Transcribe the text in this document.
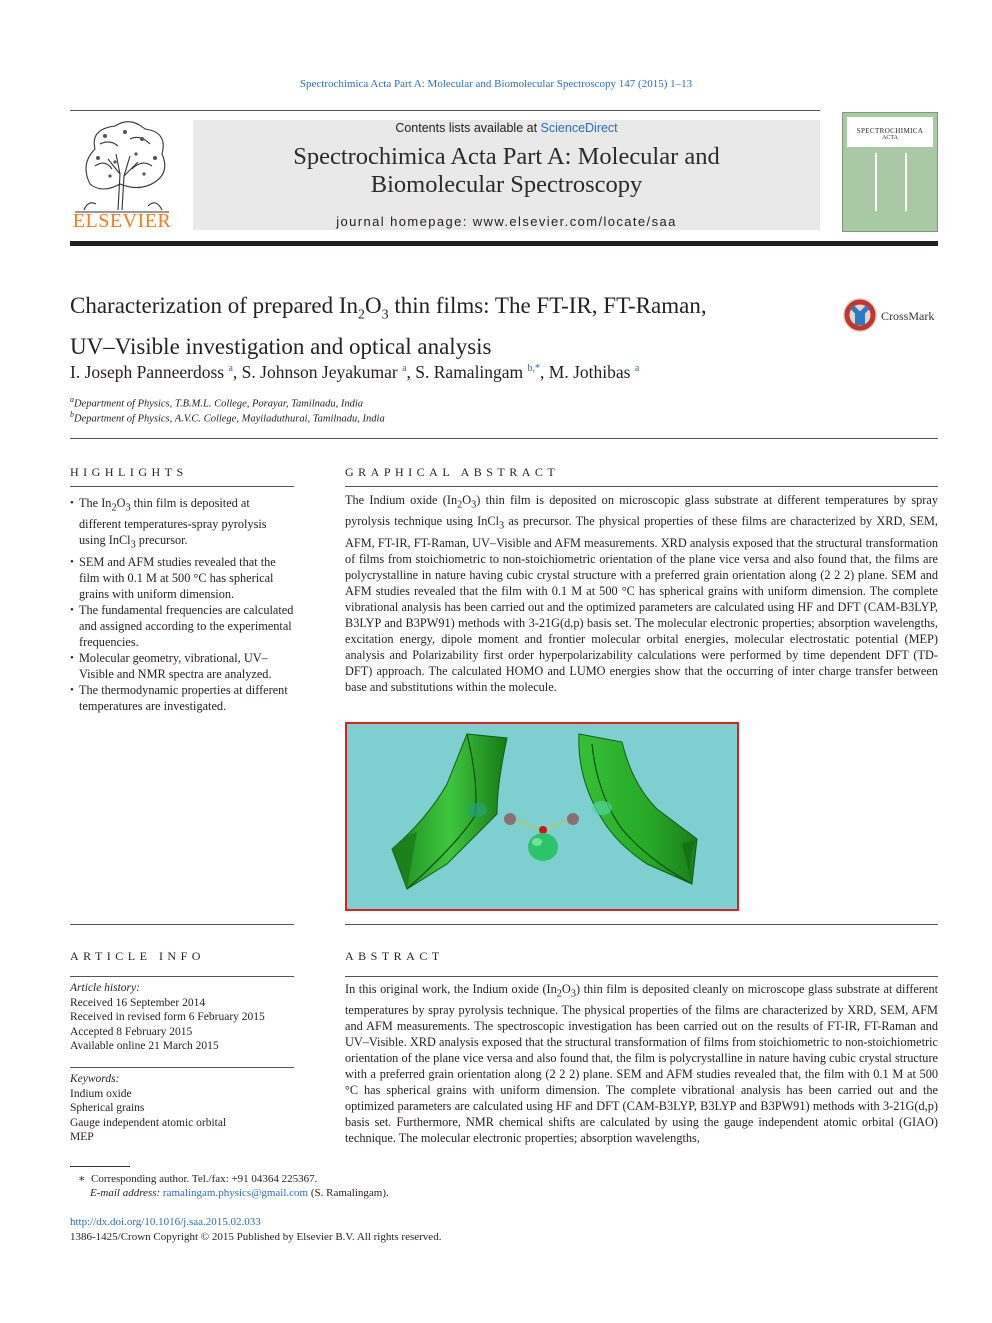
Spectrochimica Acta Part A: Molecular and Biomolecular Spectroscopy 147 (2015) 1–13
ELSEVIER
Contents lists available at ScienceDirect
Spectrochimica Acta Part A: Molecular and
Biomolecular Spectroscopy
journal homepage: www.elsevier.com/locate/saa
SPECTROCHIMICA
ACTA
Characterization of prepared $In_2O_3$ thin films: The FT-IR, FT-Raman,
UV–Visible investigation and optical analysis
CrossMark
I. Joseph Panneerdoss $^a$, S. Johnson Jeyakumar $^a$, S. Ramalingam $^{b,*}$, M. Jothibas $^a$
$^a$Department of Physics, T.B.M.L. College, Porayar, Tamilnadu, India
$^b$Department of Physics, A.V.C. College, Mayiladuthurai, Tamilnadu, India
HIGHLIGHTS
• The $In_2O_3$ thin film is deposited at different temperatures-spray pyrolysis using InCl$_3$ precursor.
• SEM and AFM studies revealed that the film with 0.1 M at 500 °C has spherical grains with uniform dimension.
• The fundamental frequencies are calculated and assigned according to the experimental frequencies.
• Molecular geometry, vibrational, UV–Visible and NMR spectra are analyzed.
• The thermodynamic properties at different temperatures are investigated.
GRAPHICAL ABSTRACT
The Indium oxide $(In_2O_3)$ thin film is deposited on microscopic glass substrate at different temperatures by spray pyrolysis technique using InCl$_3$ as precursor. The physical properties of these films are characterized by XRD, SEM, AFM, FT-IR, FT-Raman, UV–Visible and AFM measurements. XRD analysis exposed that the structural transformation of films from stoichiometric to non-stoichiometric orientation of the plane vice versa and also found that, the films are polycrystalline in nature having cubic crystal structure with a preferred grain orientation along (2 2 2) plane. SEM and AFM studies revealed that the film with 0.1 M at 500 °C has spherical grains with uniform dimension. The complete vibrational analysis has been carried out and the optimized parameters are calculated using HF and DFT (CAM-B3LYP, B3LYP and B3PW91) methods with 3-21G(d,p) basis set. The molecular electronic properties; absorption wavelengths, excitation energy, dipole moment and frontier molecular orbital energies, molecular electrostatic potential (MEP) analysis and Polarizability first order hyperpolarizability calculations were performed by time dependent DFT (TD-DFT) approach. The calculated HOMO and LUMO energies show that the occurring of inter charge transfer between base and substitutions within the molecule.
ARTICLE INFO
Article history:
Received 16 September 2014
Received in revised form 6 February 2015
Accepted 8 February 2015
Available online 21 March 2015
Keywords:
Indium oxide
Spherical grains
Gauge independent atomic orbital
MEP
ABSTRACT
In this original work, the Indium oxide $(In_2O_3)$ thin film is deposited cleanly on microscope glass substrate at different temperatures by spray pyrolysis technique. The physical properties of the films are characterized by XRD, SEM, AFM and AFM measurements. The spectroscopic investigation has been carried out on the results of FT-IR, FT-Raman and UV–Visible. XRD analysis exposed that the structural transformation of films from stoichiometric to non-stoichiometric orientation of the plane vice versa and also found that, the film is polycrystalline in nature having cubic crystal structure with a preferred grain orientation along (2 2 2) plane. SEM and AFM studies revealed that, the film with 0.1 M at 500 °C has spherical grains with uniform dimension. The complete vibrational analysis has been carried out and the optimized parameters are calculated using HF and DFT (CAM-B3LYP, B3LYP and B3PW91) methods with 3-21G(d,p) basis set. Furthermore, NMR chemical shifts are calculated by using the gauge independent atomic orbital (GIAO) technique. The molecular electronic properties; absorption wavelengths,
∗  Corresponding author. Tel./fax: +91 04364 225367.
E-mail address: ramalingam.physics@gmail.com (S. Ramalingam).
http://dx.doi.org/10.1016/j.saa.2015.02.033
1386-1425/Crown Copyright © 2015 Published by Elsevier B.V. All rights reserved.
